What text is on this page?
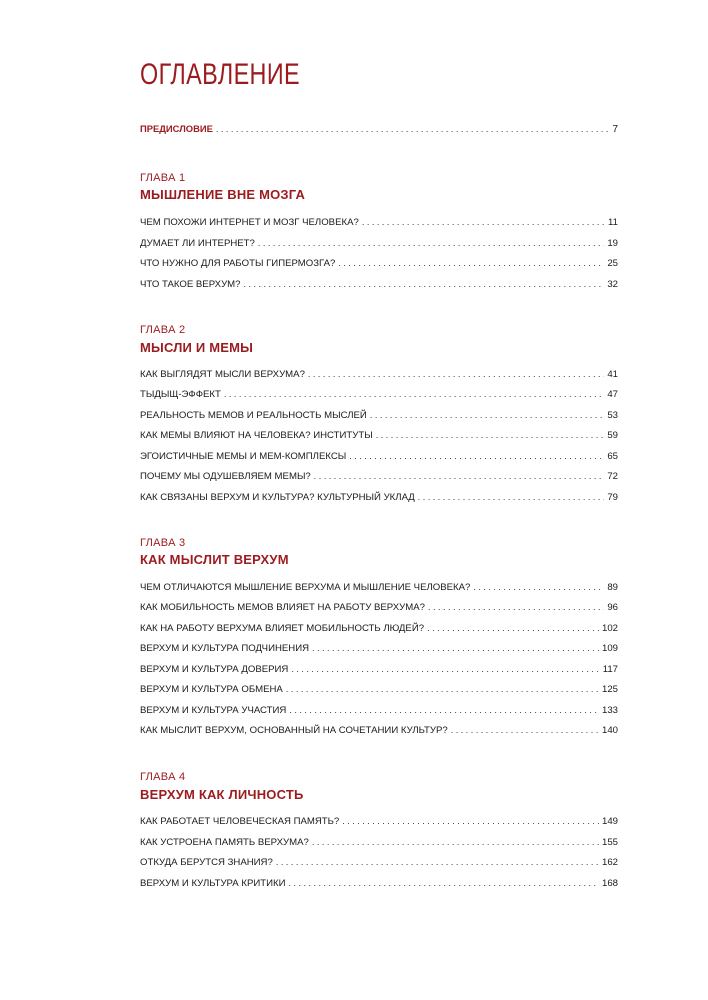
ОГЛАВЛЕНИЕ
ПРЕДИСЛОВИЕ . . .	7
ГЛАВА 1
МЫШЛЕНИЕ ВНЕ МОЗГА
ЧЕМ ПОХОЖИ ИНТЕРНЕТ И МОЗГ ЧЕЛОВЕКА? . . .	11
ДУМАЕТ ЛИ ИНТЕРНЕТ? . . .	19
ЧТО НУЖНО ДЛЯ РАБОТЫ ГИПЕРМОЗГА? . . .	25
ЧТО ТАКОЕ ВЕРХУМ? . . .	32
ГЛАВА 2
МЫСЛИ И МЕМЫ
КАК ВЫГЛЯДЯТ МЫСЛИ ВЕРХУМА? . . .	41
ТЫДЫЩ-ЭФФЕКТ . . .	47
РЕАЛЬНОСТЬ МЕМОВ И РЕАЛЬНОСТЬ МЫСЛЕЙ . . .	53
КАК МЕМЫ ВЛИЯЮТ НА ЧЕЛОВЕКА? ИНСТИТУТЫ . . .	59
ЭГОИСТИЧНЫЕ МЕМЫ И МЕМ-КОМПЛЕКСЫ . . .	65
ПОЧЕМУ МЫ ОДУШЕВЛЯЕМ МЕМЫ? . . .	72
КАК СВЯЗАНЫ ВЕРХУМ И КУЛЬТУРА? КУЛЬТУРНЫЙ УКЛАД . . .	79
ГЛАВА 3
КАК МЫСЛИТ ВЕРХУМ
ЧЕМ ОТЛИЧАЮТСЯ МЫШЛЕНИЕ ВЕРХУМА И МЫШЛЕНИЕ ЧЕЛОВЕКА? . . .	89
КАК МОБИЛЬНОСТЬ МЕМОВ ВЛИЯЕТ НА РАБОТУ ВЕРХУМА? . . .	96
КАК НА РАБОТУ ВЕРХУМА ВЛИЯЕТ МОБИЛЬНОСТЬ ЛЮДЕЙ? . . .	102
ВЕРХУМ И КУЛЬТУРА ПОДЧИНЕНИЯ . . .	109
ВЕРХУМ И КУЛЬТУРА ДОВЕРИЯ . . .	117
ВЕРХУМ И КУЛЬТУРА ОБМЕНА . . .	125
ВЕРХУМ И КУЛЬТУРА УЧАСТИЯ . . .	133
КАК МЫСЛИТ ВЕРХУМ, ОСНОВАННЫЙ НА СОЧЕТАНИИ КУЛЬТУР? . . .	140
ГЛАВА 4
ВЕРХУМ КАК ЛИЧНОСТЬ
КАК РАБОТАЕТ ЧЕЛОВЕЧЕСКАЯ ПАМЯТЬ? . . .	149
КАК УСТРОЕНА ПАМЯТЬ ВЕРХУМА? . . .	155
ОТКУДА БЕРУТСЯ ЗНАНИЯ? . . .	162
ВЕРХУМ И КУЛЬТУРА КРИТИКИ . . .	168
